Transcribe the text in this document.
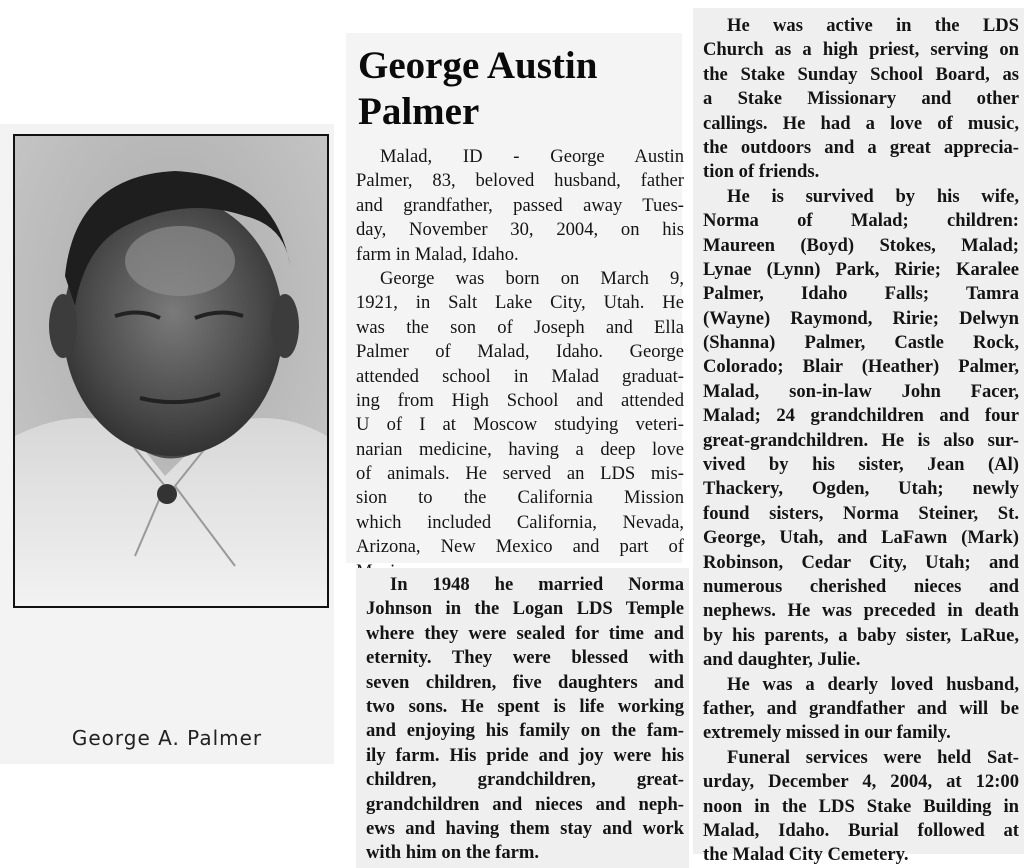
George A. Palmer
George Austin
Palmer
Malad, ID - George Austin
Palmer, 83, beloved husband, father
and grandfather, passed away Tues-
day, November 30, 2004, on his
farm in Malad, Idaho.
George was born on March 9,
1921, in Salt Lake City, Utah. He
was the son of Joseph and Ella
Palmer of Malad, Idaho. George
attended school in Malad graduat-
ing from High School and attended
U of I at Moscow studying veteri-
narian medicine, having a deep love
of animals. He served an LDS mis-
sion to the California Mission
which included California, Nevada,
Arizona, New Mexico and part of
In 1948 he married Norma
Johnson in the Logan LDS Temple
where they were sealed for time and
eternity. They were blessed with
seven children, five daughters and
two sons. He spent is life working
and enjoying his family on the fam-
ily farm. His pride and joy were his
children, grandchildren, great-
grandchildren and nieces and neph-
ews and having them stay and work
with him on the farm.
He was active in the LDS
Church as a high priest, serving on
the Stake Sunday School Board, as
a Stake Missionary and other
callings. He had a love of music,
the outdoors and a great apprecia-
tion of friends.
He is survived by his wife,
Norma of Malad; children:
Maureen (Boyd) Stokes, Malad;
Lynae (Lynn) Park, Ririe; Karalee
Palmer, Idaho Falls; Tamra
(Wayne) Raymond, Ririe; Delwyn
(Shanna) Palmer, Castle Rock,
Colorado; Blair (Heather) Palmer,
Malad, son-in-law John Facer,
Malad; 24 grandchildren and four
great-grandchildren. He is also sur-
vived by his sister, Jean (Al)
Thackery, Ogden, Utah; newly
found sisters, Norma Steiner, St.
George, Utah, and LaFawn (Mark)
Robinson, Cedar City, Utah; and
numerous cherished nieces and
nephews. He was preceded in death
by his parents, a baby sister, LaRue,
and daughter, Julie.
He was a dearly loved husband,
father, and grandfather and will be
extremely missed in our family.
Funeral services were held Sat-
urday, December 4, 2004, at 12:00
noon in the LDS Stake Building in
Malad, Idaho. Burial followed at
the Malad City Cemetery.
